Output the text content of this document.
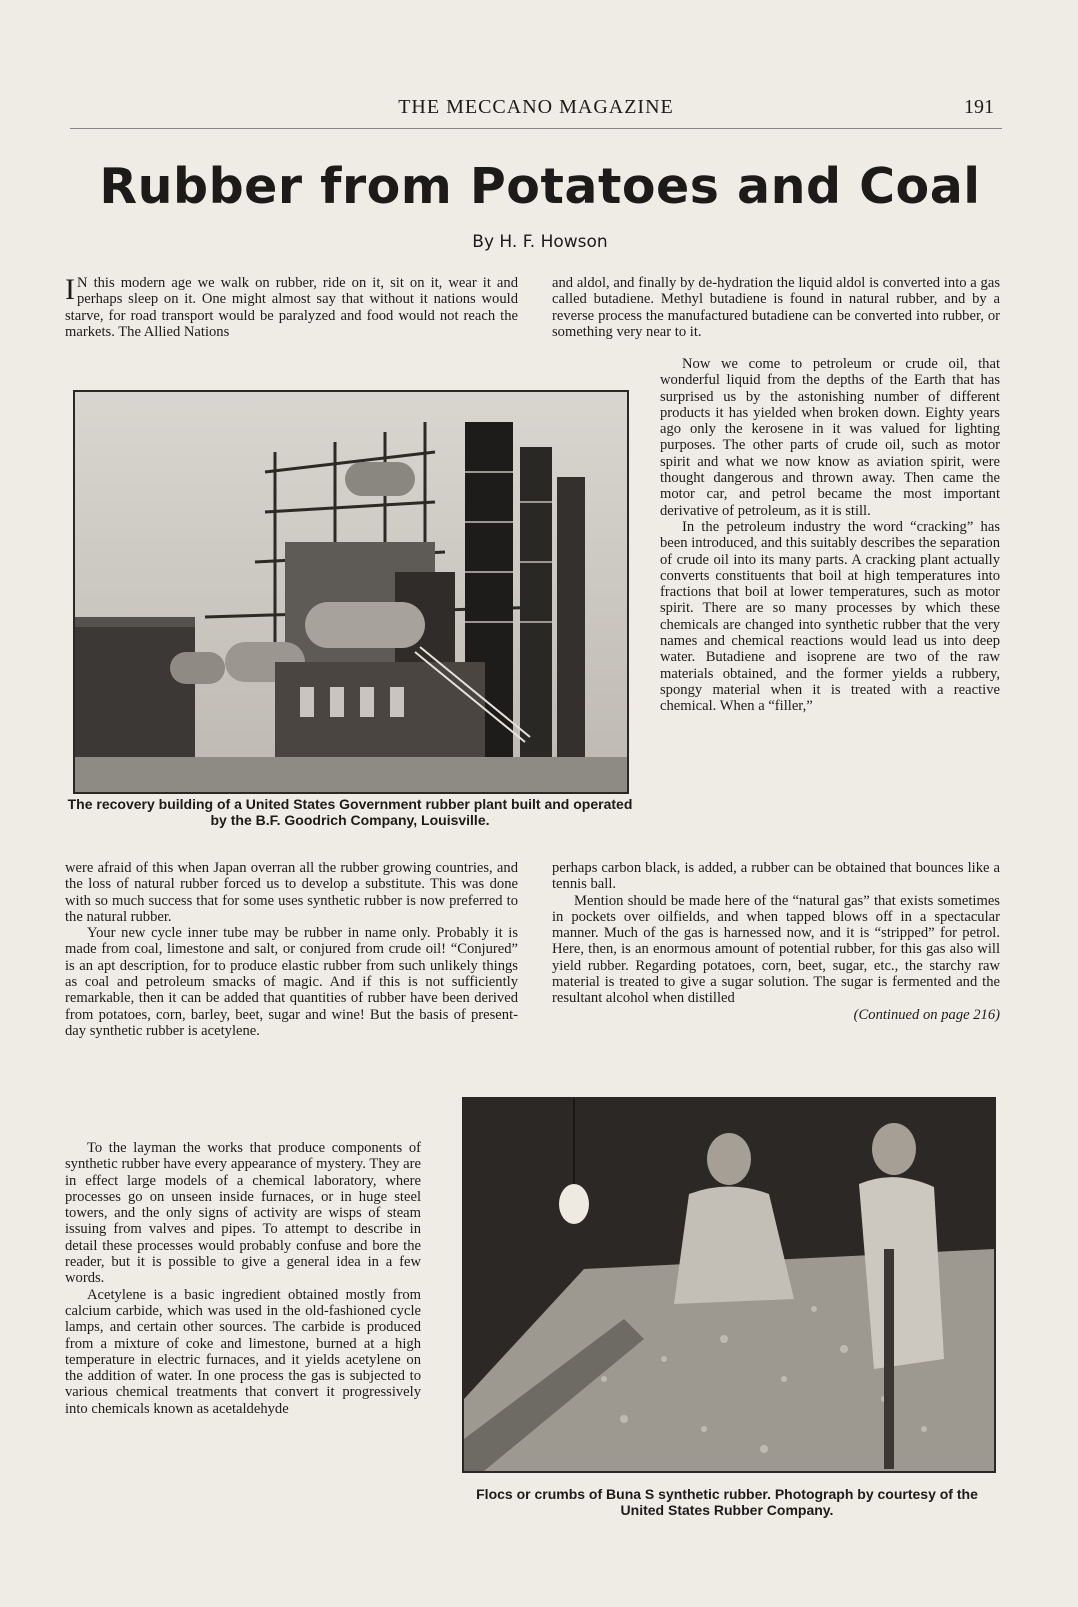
THE MECCANO MAGAZINE	191
Rubber from Potatoes and Coal
By H. F. Howson

I N this modern age we walk on rubber, ride on it, sit on it, wear it and perhaps sleep on it. One might almost say that without it nations would starve, for road transport would be paralyzed and food would not reach the markets. The Allied Nations

and aldol, and finally by de-hydration the liquid aldol is converted into a gas called butadiene. Methyl butadiene is found in natural rubber, and by a reverse process the manufactured butadiene can be converted into rubber, or something very near to it.

The recovery building of a United States Government rubber plant built and operated by the B.F. Goodrich Company, Louisville.

Now we come to petroleum or crude oil, that wonderful liquid from the depths of the Earth that has surprised us by the astonishing number of different products it has yielded when broken down. Eighty years ago only the kerosene in it was valued for lighting purposes. The other parts of crude oil, such as motor spirit and what we now know as aviation spirit, were thought dangerous and thrown away. Then came the motor car, and petrol became the most important derivative of petroleum, as it is still.

In the petroleum industry the word “cracking” has been introduced, and this suitably describes the separation of crude oil into its many parts. A cracking plant actually converts constituents that boil at high temperatures into fractions that boil at lower temperatures, such as motor spirit. There are so many processes by which these chemicals are changed into synthetic rubber that the very names and chemical reactions would lead us into deep water. Butadiene and isoprene are two of the raw materials obtained, and the former yields a rubbery, spongy material when it is treated with a reactive chemical. When a “filler,”

perhaps carbon black, is added, a rubber can be obtained that bounces like a tennis ball.

Mention should be made here of the “natural gas” that exists sometimes in pockets over oilfields, and when tapped blows off in a spectacular manner. Much of the gas is harnessed now, and it is “stripped” for petrol. Here, then, is an enormous amount of potential rubber, for this gas also will yield rubber. Regarding potatoes, corn, beet, sugar, etc., the starchy raw material is treated to give a sugar solution. The sugar is fermented and the resultant alcohol when distilled

(Continued on page 216)

were afraid of this when Japan overran all the rubber growing countries, and the loss of natural rubber forced us to develop a substitute. This was done with so much success that for some uses synthetic rubber is now preferred to the natural rubber.

Your new cycle inner tube may be rubber in name only. Probably it is made from coal, limestone and salt, or conjured from crude oil! “Conjured” is an apt description, for to produce elastic rubber from such unlikely things as coal and petroleum smacks of magic. And if this is not sufficiently remarkable, then it can be added that quantities of rubber have been derived from potatoes, corn, barley, beet, sugar and wine! But the basis of present-day synthetic rubber is acetylene.

To the layman the works that produce components of synthetic rubber have every appearance of mystery. They are in effect large models of a chemical laboratory, where processes go on unseen inside furnaces, or in huge steel towers, and the only signs of activity are wisps of steam issuing from valves and pipes. To attempt to describe in detail these processes would probably confuse and bore the reader, but it is possible to give a general idea in a few words.

Acetylene is a basic ingredient obtained mostly from calcium carbide, which was used in the old-fashioned cycle lamps, and certain other sources. The carbide is produced from a mixture of coke and limestone, burned at a high temperature in electric furnaces, and it yields acetylene on the addition of water. In one process the gas is subjected to various chemical treatments that convert it progressively into chemicals known as acetaldehyde

Flocs or crumbs of Buna S synthetic rubber. Photograph by courtesy of the United States Rubber Company.
